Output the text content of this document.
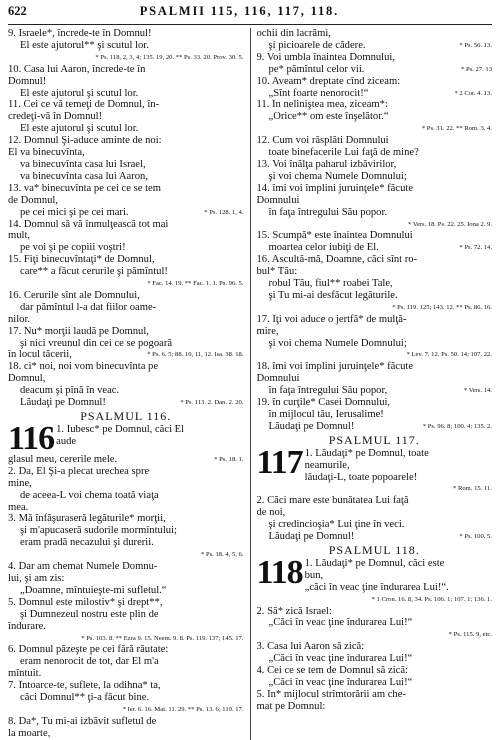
622	PSALMII 115, 116, 117, 118.
9. Israele*, încrede-te în Domnul!
El este ajutorul** şi scutul lor.
* Ps. 118, 2, 3, 4; 135. 19, 20. ** Ps. 33. 20. Prov. 30. 5.

10. Casa lui Aaron, încrede-te în
Domnul!
El este ajutorul şi scutul lor.
11. Cei ce vă temeţi de Domnul, în-
credeţi-vă în Domnul!
El este ajutorul şi scutul lor.
12. Domnul Şi-aduce aminte de noi:
El va binecuvînta,
va binecuvînta casa lui Israel,
va binecuvînta casa lui Aaron,
13. va* binecuvînta pe cei ce se tem
de Domnul,
* Ps. 128. 1, 4.
pe cei mici şi pe cei mari.
14. Domnul să vă înmulţească tot mai
mult,
pe voi şi pe copiii voştri!
15. Fiţi binecuvîntaţi* de Domnul,
care** a făcut cerurile şi pămîntul!
* Fac. 14. 19. ** Fac. 1. 1. Ps. 96. 5.

16. Cerurile sînt ale Domnului,
dar pămîntul l-a dat fiilor oame-
nilor.
17. Nu* morţii laudă pe Domnul,
şi nici vreunul din cei ce se pogoară
* Ps. 6. 5; 88. 10, 11, 12. Isa. 38. 18.
în locul tăcerii,
18. ci* noi, noi vom binecuvînta pe
Domnul,
deacum şi pînă în veac.
* Ps. 113. 2. Dan. 2. 20.
Lăudaţi pe Domnul!
PSALMUL 116.
116 1. Iubesc* pe Domnul, căci El
aude
* Ps. 18. 1.
glasul meu, cererile mele.
2. Da, El Şi-a plecat urechea spre
mine,
de aceea-L voi chema toată viaţa
mea.
3. Mă înfăşuraseră legăturile* morţii,
şi m'apucaseră sudorile mormîntului;
eram pradă necazului şi durerii.
* Ps. 18. 4, 5, 6.

4. Dar am chemat Numele Domnu-
lui, şi am zis:
„Doamne, mîntuieşte-mi sufletul.“
5. Domnul este milostiv* şi drept**,
şi Dumnezeul nostru este plin de
îndurare.
* Ps. 103. 8. ** Ezra 9. 15. Neem. 9. 8. Ps. 119. 137; 145. 17.

6. Domnul păzeşte pe cei fără răutate:
eram nenorocit de tot, dar El m'a
mîntuit.
7. Întoarce-te, suflete, la odihna* ta,
căci Domnul** ţi-a făcut bine.
* Ier. 6. 16. Mat. 11. 29. ** Ps. 13. 6; 119. 17.

8. Da*, Tu mi-ai izbăvit sufletul de
la moarte,
ochii din lacrămi,
* Ps. 56. 13.
şi picioarele de cădere.
9. Voi umbla înaintea Domnului,
* Ps. 27. 13
pe* pămîntul celor vii.
10. Aveam* dreptate cînd ziceam:
* 2 Cor. 4. 13.
„Sînt foarte nenorocit!“
11. În neliniştea mea, ziceam*:
„Orice** om este înşelător.“
* Ps. 31. 22. ** Rom. 3. 4.

12. Cum voi răsplăti Domnului
toate binefacerile Lui faţă de mine?
13. Voi înălţa paharul izbăvirilor,
şi voi chema Numele Domnului;
14. îmi voi împlini juruinţele* făcute
Domnului
în faţa întregului Său popor.
* Vers. 18. Ps. 22. 25. Iona 2. 9.

15. Scumpă* este înaintea Domnului
* Ps. 72. 14.
moartea celor iubiţi de El.
16. Ascultă-mă, Doamne, căci sînt ro-
bul* Tău:
robul Tău, fiul** roabei Tale,
şi Tu mi-ai desfăcut legăturile.
* Ps. 119. 125; 143. 12. ** Ps. 86. 16.

17. Îţi voi aduce o jertfă* de mulţă-
mire,
şi voi chema Numele Domnului;
* Lev. 7. 12. Ps. 50. 14; 107. 22.

18. îmi voi împlini juruinţele* făcute
Domnului
* Vers. 14.
în faţa întregului Său popor,
19. în curţile* Casei Domnului,
în mijlocul tău, Ierusalime!
* Ps. 96. 8; 100. 4; 135. 2.
Lăudaţi pe Domnul!
PSALMUL 117.
117 1. Lăudaţi* pe Domnul, toate
neamurile,
lăudaţi-L, toate popoarele!
* Rom. 15. 11.

2. Căci mare este bunătatea Lui faţă
de noi,
şi credincioşia* Lui ţine în veci.
* Ps. 100. 5.
Lăudaţi pe Domnul!
PSALMUL 118.
118 1. Lăudaţi* pe Domnul, căci este
bun,
„căci în veac ţine îndurarea Lui!“.
* 1 Cron. 16. 8, 34. Ps. 106. 1; 107. 1; 136. 1.

2. Să* zică Israel:
„Căci în veac ţine îndurarea Lui!“
* Ps. 115. 9, etc.

3. Casa lui Aaron să zică:
„Căci în veac ţine îndurarea Lui!“
4. Cei ce se tem de Domnul să zică:
„Căci în veac ţine îndurarea Lui!“
5. În* mijlocul strîmtorării am che-
mat pe Domnul:
